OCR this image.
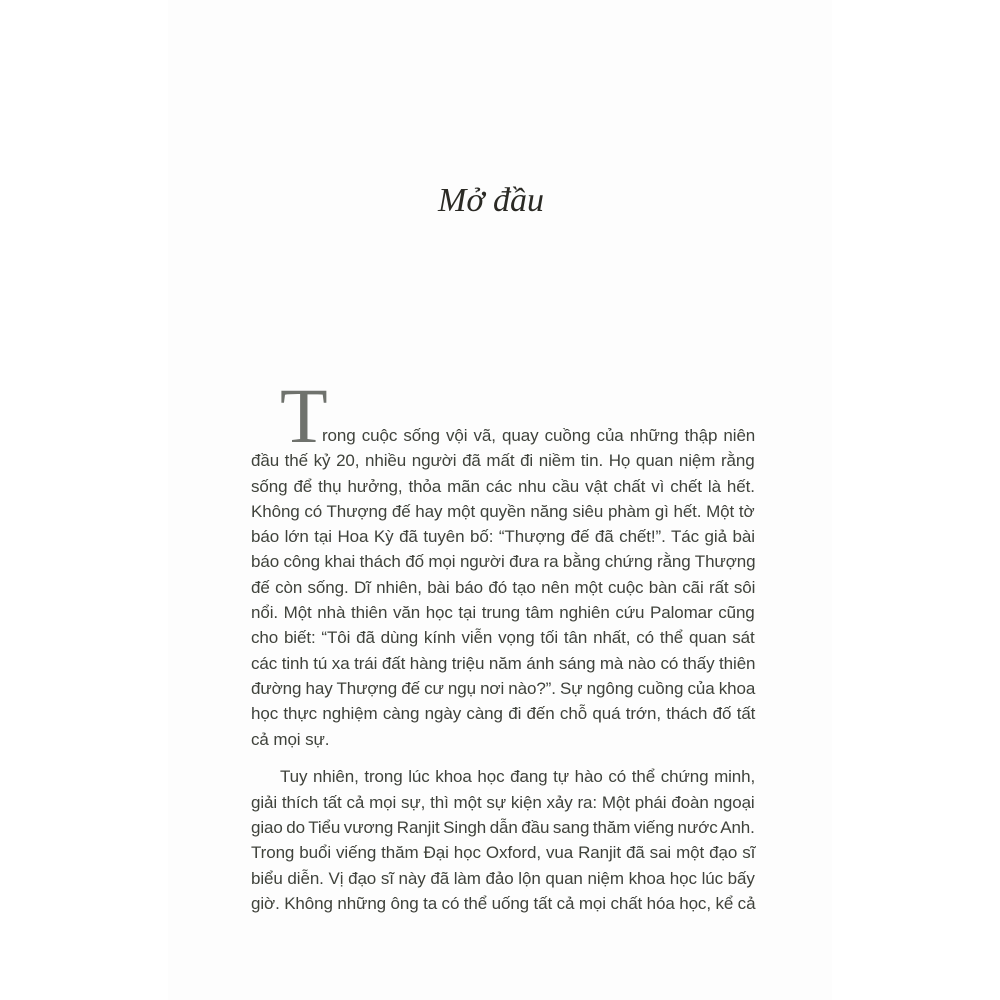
Mở đầu
T
rong cuộc sống vội vã, quay cuồng của những thập niên
đầu thế kỷ 20, nhiều người đã mất đi niềm tin. Họ quan niệm rằng
sống để thụ hưởng, thỏa mãn các nhu cầu vật chất vì chết là hết.
Không có Thượng đế hay một quyền năng siêu phàm gì hết. Một tờ
báo lớn tại Hoa Kỳ đã tuyên bố: “Thượng đế đã chết!”. Tác giả bài
báo công khai thách đố mọi người đưa ra bằng chứng rằng Thượng
đế còn sống. Dĩ nhiên, bài báo đó tạo nên một cuộc bàn cãi rất sôi
nổi. Một nhà thiên văn học tại trung tâm nghiên cứu Palomar cũng
cho biết: “Tôi đã dùng kính viễn vọng tối tân nhất, có thể quan sát
các tinh tú xa trái đất hàng triệu năm ánh sáng mà nào có thấy thiên
đường hay Thượng đế cư ngụ nơi nào?”. Sự ngông cuồng của khoa
học thực nghiệm càng ngày càng đi đến chỗ quá trớn, thách đố tất
cả mọi sự.
Tuy nhiên, trong lúc khoa học đang tự hào có thể chứng minh,
giải thích tất cả mọi sự, thì một sự kiện xảy ra: Một phái đoàn ngoại
giao do Tiểu vương Ranjit Singh dẫn đầu sang thăm viếng nước Anh.
Trong buổi viếng thăm Đại học Oxford, vua Ranjit đã sai một đạo sĩ
biểu diễn. Vị đạo sĩ này đã làm đảo lộn quan niệm khoa học lúc bấy
giờ. Không những ông ta có thể uống tất cả mọi chất hóa học, kể cả
